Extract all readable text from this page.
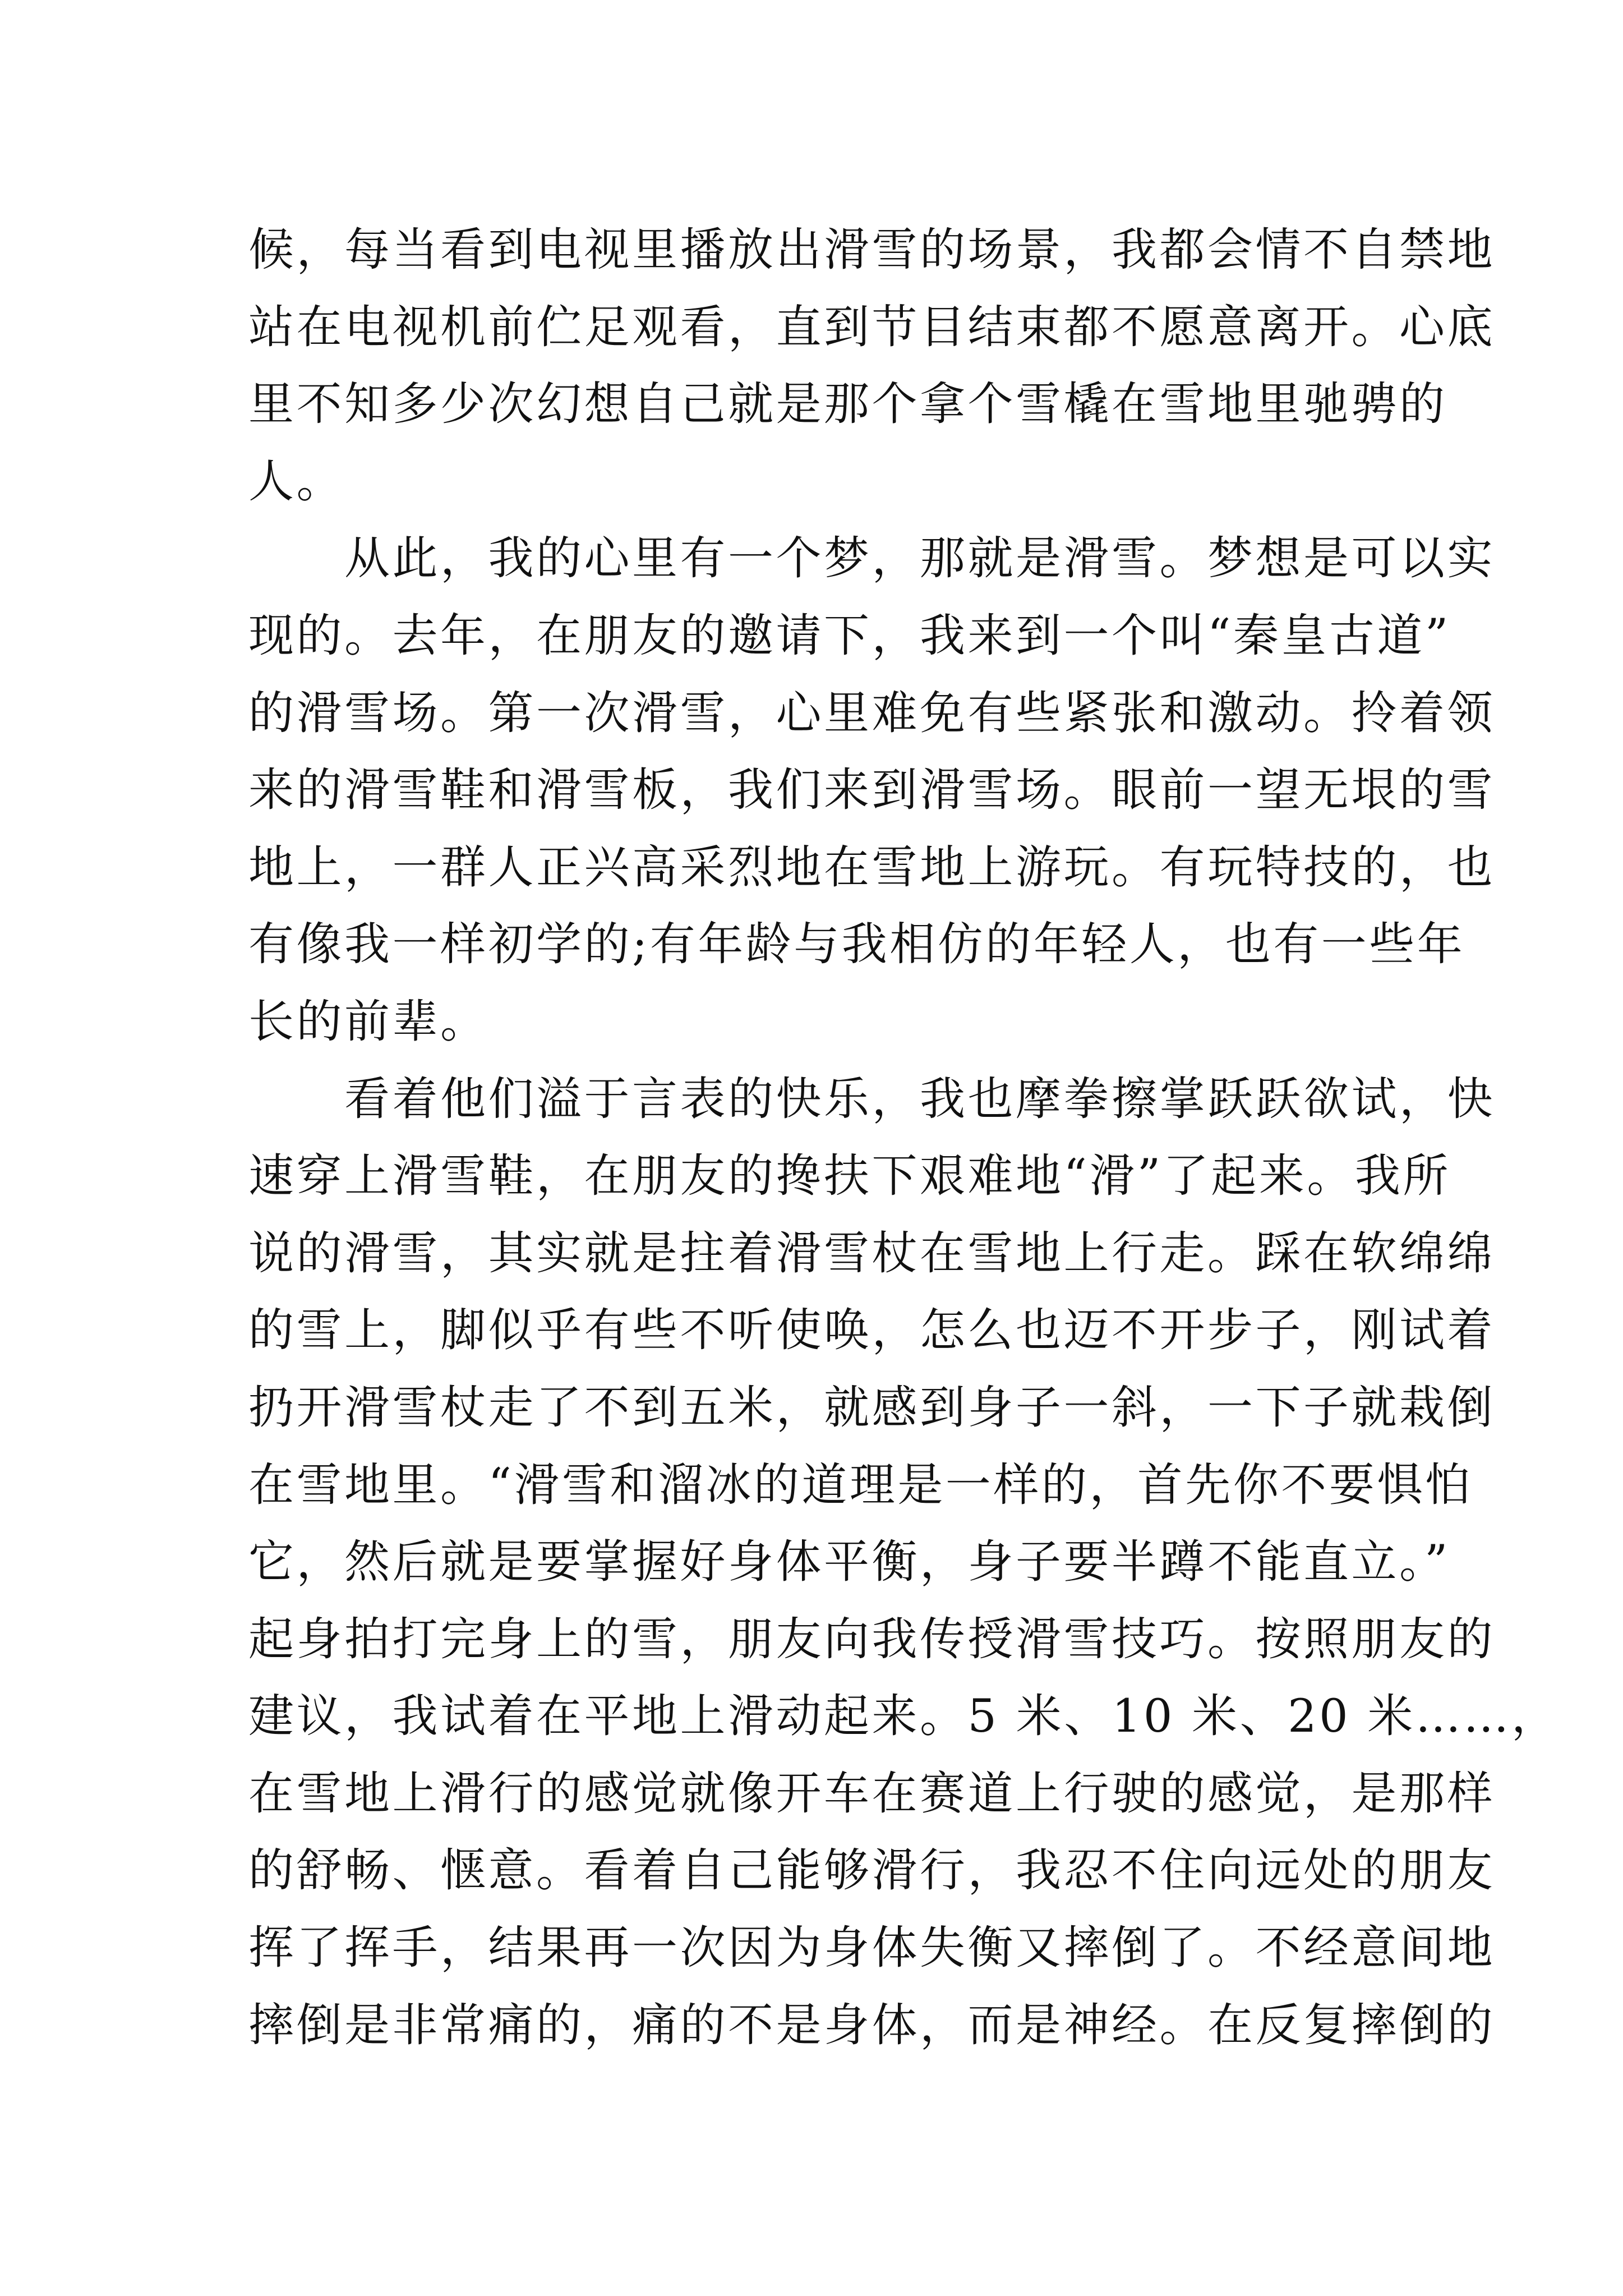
候，每当看到电视里播放出滑雪的场景，我都会情不自禁地
站在电视机前伫足观看，直到节目结束都不愿意离开。心底
里不知多少次幻想自己就是那个拿个雪橇在雪地里驰骋的
人。
从此，我的心里有一个梦，那就是滑雪。梦想是可以实
现的。去年，在朋友的邀请下，我来到一个叫“秦皇古道”
的滑雪场。第一次滑雪，心里难免有些紧张和激动。拎着领
来的滑雪鞋和滑雪板，我们来到滑雪场。眼前一望无垠的雪
地上，一群人正兴高采烈地在雪地上游玩。有玩特技的，也
有像我一样初学的;有年龄与我相仿的年轻人，也有一些年
长的前辈。
看着他们溢于言表的快乐，我也摩拳擦掌跃跃欲试，快
速穿上滑雪鞋，在朋友的搀扶下艰难地“滑”了起来。我所
说的滑雪，其实就是拄着滑雪杖在雪地上行走。踩在软绵绵
的雪上，脚似乎有些不听使唤，怎么也迈不开步子，刚试着
扔开滑雪杖走了不到五米，就感到身子一斜，一下子就栽倒
在雪地里。“滑雪和溜冰的道理是一样的，首先你不要惧怕
它，然后就是要掌握好身体平衡，身子要半蹲不能直立。”
起身拍打完身上的雪，朋友向我传授滑雪技巧。按照朋友的
建议，我试着在平地上滑动起来。5 米、10 米、20 米……，
在雪地上滑行的感觉就像开车在赛道上行驶的感觉，是那样
的舒畅、惬意。看着自己能够滑行，我忍不住向远处的朋友
挥了挥手，结果再一次因为身体失衡又摔倒了。不经意间地
摔倒是非常痛的，痛的不是身体，而是神经。在反复摔倒的
